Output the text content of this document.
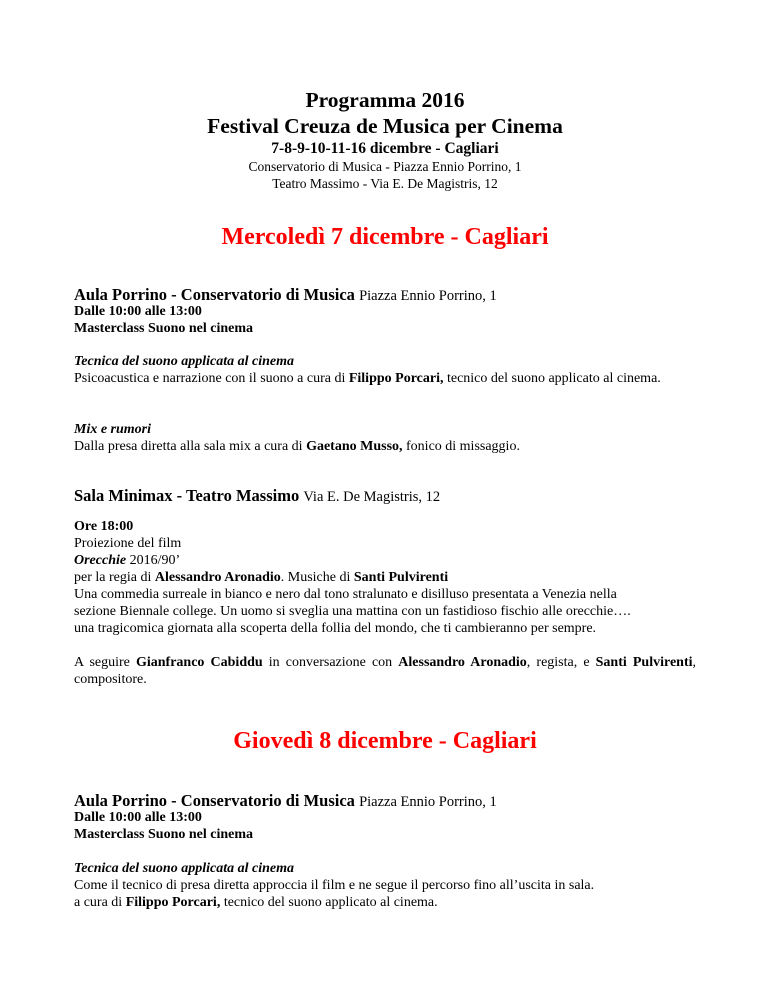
Programma 2016
Festival Creuza de Musica per Cinema
7-8-9-10-11-16 dicembre - Cagliari
Conservatorio di Musica - Piazza Ennio Porrino, 1
Teatro Massimo - Via E. De Magistris, 12
Mercoledì 7 dicembre - Cagliari
Aula Porrino - Conservatorio di Musica Piazza Ennio Porrino, 1
Dalle 10:00 alle 13:00
Masterclass Suono nel cinema
Tecnica del suono applicata al cinema
Psicoacustica e narrazione con il suono a cura di Filippo Porcari, tecnico del suono applicato al cinema.
Mix e rumori
Dalla presa diretta alla sala mix a cura di Gaetano Musso, fonico di missaggio.
Sala Minimax - Teatro Massimo Via E. De Magistris, 12
Ore 18:00
Proiezione del film
Orecchie 2016/90’
per la regia di Alessandro Aronadio. Musiche di Santi Pulvirenti
Una commedia surreale in bianco e nero dal tono stralunato e disilluso presentata a Venezia nella
sezione Biennale college. Un uomo si sveglia una mattina con un fastidioso fischio alle orecchie….
una tragicomica giornata alla scoperta della follia del mondo, che ti cambieranno per sempre.
A seguire Gianfranco Cabiddu in conversazione con Alessandro Aronadio, regista, e Santi Pulvirenti, compositore.
Giovedì 8 dicembre - Cagliari
Aula Porrino - Conservatorio di Musica Piazza Ennio Porrino, 1
Dalle 10:00 alle 13:00
Masterclass Suono nel cinema
Tecnica del suono applicata al cinema
Come il tecnico di presa diretta approccia il film e ne segue il percorso fino all’uscita in sala.
a cura di Filippo Porcari, tecnico del suono applicato al cinema.
